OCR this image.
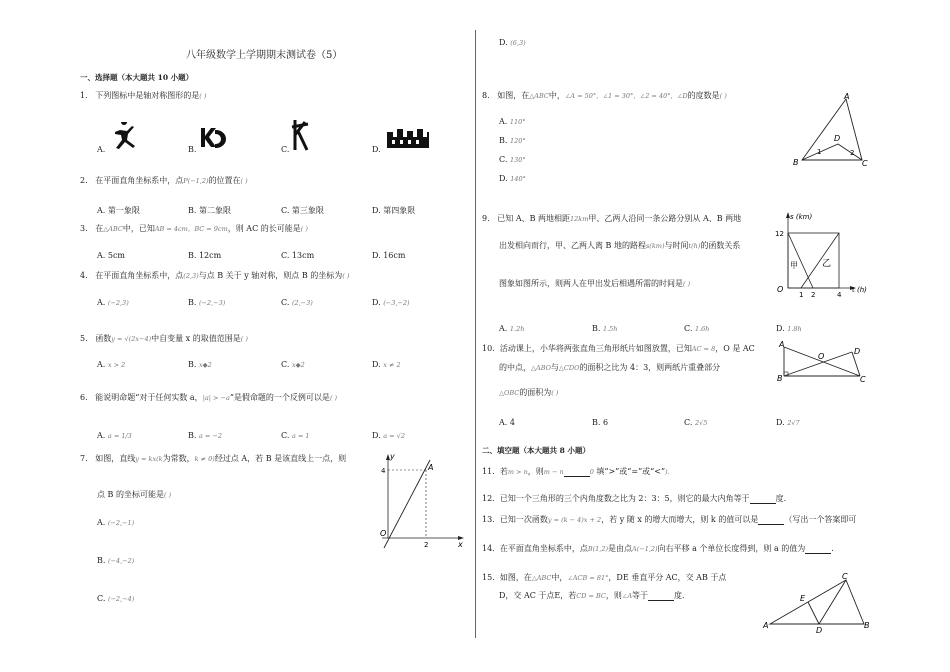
八年级数学上学期期末测试卷（5）
一、选择题（本大题共 10 小题）
1. 下列图标中是轴对称图形的是( )
A.	B.	C.	D.
2. 在平面直角坐标系中，点P(−1,2)的位置在( )
A. 第一象限	B. 第二象限	C. 第三象限	D. 第四象限
3. 在△ABC中，已知AB = 4cm，BC = 9cm，则 AC 的长可能是( )
A. 5cm	B. 12cm	C. 13cm	D. 16cm
4. 在平面直角坐标系中，点(2,3)与点 B 关于 y 轴对称，则点 B 的坐标为( )
A. (−2,3)	B. (−2,−3)	C. (2,−3)	D. (−3,−2)
5. 函数y = √(2x−4)中自变量 x 的取值范围是( )
A. x > 2	B. x◆2	C. x◆2	D. x ≠ 2
6. 能说明命题“对于任何实数 a，|a| > −a”是假命题的一个反例可以是( )
A. a = 1/3	B. a = −2	C. a = 1	D. a = √2
7. 如图，直线y = kx(k为常数，k ≠ 0)经过点 A，若 B 是该直线上一点，则
点 B 的坐标可能是( )
A. (−2,−1)
B. (−4,−2)
C. (−2,−4)
y
x
4
2
A
O
D. (6,3)
8. 如图，在△ABC中，∠A = 50°，∠1 = 30°，∠2 = 40°，∠D的度数是( )
A. 110°
B. 120°
C. 130°
D. 140°
A
B	C
D
1	2
9. 已知 A、B 两地相距12km甲、乙两人沿同一条公路分别从 A、B 两地
出发相向而行，甲、乙两人离 B 地的路程s(km)与时间t(h)的函数关系
图象如图所示，则两人在甲出发后相遇所需的时间是( )
A. 1.2h	B. 1.5h	C. 1.6h	D. 1.8h
s (km)
t (h)
12
O
1 2	4
甲	乙
10. 活动课上，小华将两张直角三角形纸片如图放置，已知AC = 8，O 是 AC
的中点，△ABO与△CDO的面积之比为 4：3，则两纸片重叠部分
△OBC的面积为( )
A. 4	B. 6	C. 2√5	D. 2√7
A
B	C
D
O
二、填空题（本大题共 8 小题）
11. 若m > n，则m − n	0 填“>”或“=”或“<”).
12. 已知一个三角形的三个内角度数之比为 2：3：5，则它的最大内角等于	度.
13. 已知一次函数y = (k − 4)x + 2，若 y 随 x 的增大而增大，则 k 的值可以是	（写出一个答案即可
14. 在平面直角坐标系中，点B(1,2)是由点A(−1,2)向右平移 a 个单位长度得到，则 a 的值为	.
15. 如图，在△ABC中，∠ACB = 81°，DE 垂直平分 AC，交 AB 于点
D，交 AC 于点E，若CD = BC，则∠A等于	度.
A	B
C
D
E
